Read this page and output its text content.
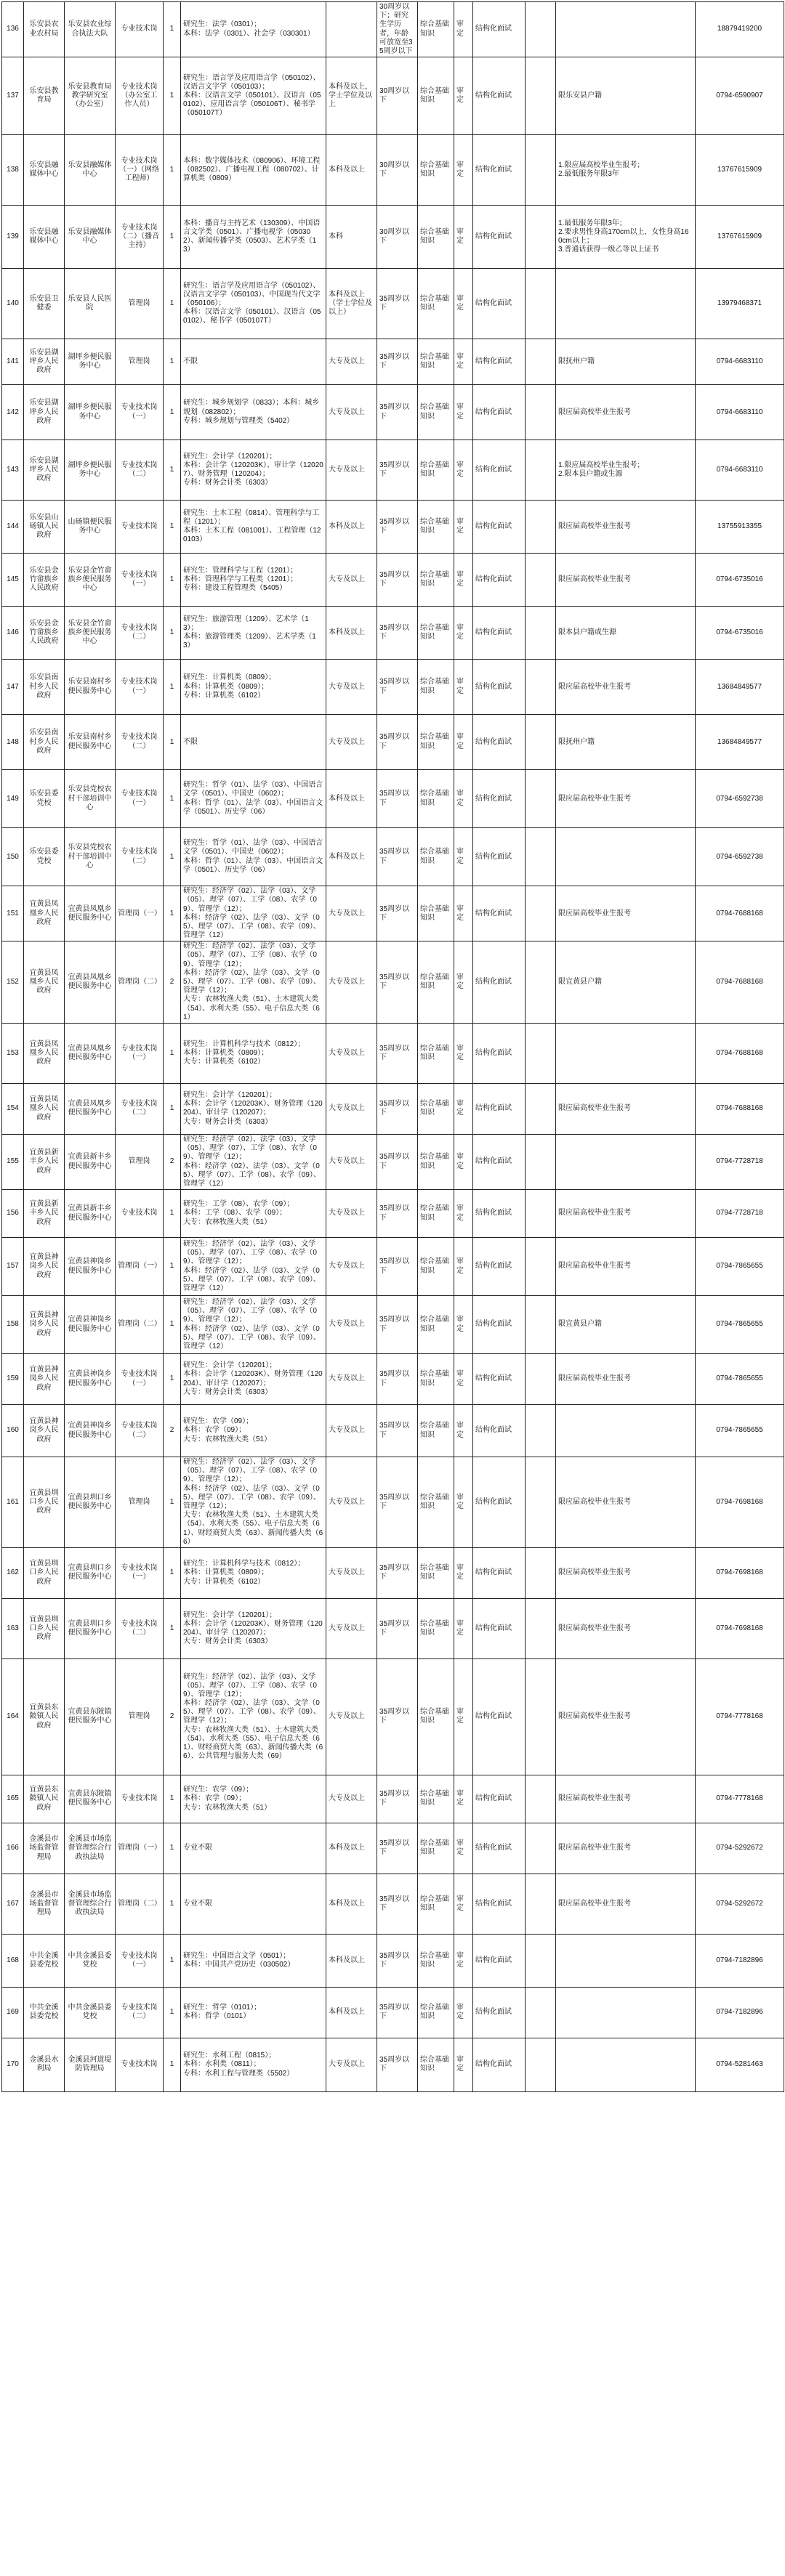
136	乐安县农业农村局	乐安县农业综合执法大队	专业技术岗	1	研究生：法学（0301）；
本科：法学（0301）、社会学（030301）		30周岁以下；研究生学历者，年龄可放宽至35周岁以下	综合基础知识	审定	结构化面试			18879419200
137	乐安县教育局	乐安县教育局教学研究室（办公室）	专业技术岗（办公室工作人员）	1	研究生：语言学及应用语言学（050102）、汉语言文字学（050103）；
本科：汉语言文学（050101）、汉语言（050102）、应用语言学（050106T）、秘书学（050107T）	本科及以上，学士学位及以上	30周岁以下	综合基础知识	审定	结构化面试		限乐安县户籍	0794-6590907
138	乐安县融媒体中心	乐安县融媒体中心	专业技术岗（一）（网络工程师）	1	本科：数字媒体技术（080906）、环境工程（082502）、广播电视工程（080702）、计算机类（0809）	本科及以上	30周岁以下	综合基础知识	审定	结构化面试		1.限应届高校毕业生报考；
2.最低服务年限3年	13767615909
139	乐安县融媒体中心	乐安县融媒体中心	专业技术岗（二）（播音主持）	1	本科：播音与主持艺术（130309）、中国语言文学类（0501）、广播电视学（050302）、新闻传播学类（0503）、艺术学类（13）	本科	30周岁以下	综合基础知识	审定	结构化面试		1.最低服务年限3年；
2.要求男性身高170cm以上，女性身高160cm以上；
3.普通话获得一级乙等以上证书	13767615909
140	乐安县卫健委	乐安县人民医院	管理岗	1	研究生：语言学及应用语言学（050102）、汉语言文字学（050103）、中国现当代文学（050106）；
本科：汉语言文学（050101）、汉语言（050102）、秘书学（050107T）	本科及以上（学士学位及以上）	35周岁以下	综合基础知识	审定	结构化面试			13979468371
141	乐安县湖坪乡人民政府	湖坪乡便民服务中心	管理岗	1	不限	大专及以上	35周岁以下	综合基础知识	审定	结构化面试		限抚州户籍	0794-6683110
142	乐安县湖坪乡人民政府	湖坪乡便民服务中心	专业技术岗（一）	1	研究生：城乡规划学（0833）；本科：城乡规划（082802）；
专科：城乡规划与管理类（5402）	大专及以上	35周岁以下	综合基础知识	审定	结构化面试		限应届高校毕业生报考	0794-6683110
143	乐安县湖坪乡人民政府	湖坪乡便民服务中心	专业技术岗（二）	1	研究生：会计学（120201）；
本科：会计学（120203K）、审计学（120207）、财务管理（120204）；
专科：财务会计类（6303）	大专及以上	35周岁以下	综合基础知识	审定	结构化面试		1.限应届高校毕业生报考；
2.限本县户籍或生源	0794-6683110
144	乐安县山砀镇人民政府	山砀镇便民服务中心	专业技术岗	1	研究生：土木工程（0814）、管理科学与工程（1201）；
本科：土木工程（081001）、工程管理（120103）	本科及以上	35周岁以下	综合基础知识	审定	结构化面试		限应届高校毕业生报考	13755913355
145	乐安县金竹畲族乡人民政府	乐安县金竹畲族乡便民服务中心	专业技术岗（一）	1	研究生：管理科学与工程（1201）；
本科：管理科学与工程类（1201）；
专科：建设工程管理类（5405）	大专及以上	35周岁以下	综合基础知识	审定	结构化面试		限应届高校毕业生报考	0794-6735016
146	乐安县金竹畲族乡人民政府	乐安县金竹畲族乡便民服务中心	专业技术岗（二）	1	研究生：旅游管理（1209）、艺术学（13）；
本科：旅游管理类（1209）、艺术学类（13）	本科及以上	35周岁以下	综合基础知识	审定	结构化面试		限本县户籍或生源	0794-6735016
147	乐安县南村乡人民政府	乐安县南村乡便民服务中心	专业技术岗（一）	1	研究生：计算机类（0809）；
本科：计算机类（0809）；
专科：计算机类（6102）	大专及以上	35周岁以下	综合基础知识	审定	结构化面试		限应届高校毕业生报考	13684849577
148	乐安县南村乡人民政府	乐安县南村乡便民服务中心	专业技术岗（二）	1	不限	大专及以上	35周岁以下	综合基础知识	审定	结构化面试		限抚州户籍	13684849577
149	乐安县委党校	乐安县党校农村干部培训中心	专业技术岗（一）	1	研究生：哲学（01）、法学（03）、中国语言文学（0501）、中国史（0602）；
本科：哲学（01）、法学（03）、中国语言文学（0501）、历史学（06）	本科及以上	35周岁以下	综合基础知识	审定	结构化面试		限应届高校毕业生报考	0794-6592738
150	乐安县委党校	乐安县党校农村干部培训中心	专业技术岗（二）	1	研究生：哲学（01）、法学（03）、中国语言文学（0501）、中国史（0602）；
本科：哲学（01）、法学（03）、中国语言文学（0501）、历史学（06）	本科及以上	35周岁以下	综合基础知识	审定	结构化面试			0794-6592738
151	宜黄县凤凰乡人民政府	宜黄县凤凰乡便民服务中心	管理岗（一）	1	研究生：经济学（02）、法学（03）、文学（05）、理学（07）、工学（08）、农学（09）、管理学（12）；
本科：经济学（02）、法学（03）、文学（05）、理学（07）、工学（08）、农学（09）、管理学（12）	大专及以上	35周岁以下	综合基础知识	审定	结构化面试		限应届高校毕业生报考	0794-7688168
152	宜黄县凤凰乡人民政府	宜黄县凤凰乡便民服务中心	管理岗（二）	2	研究生：经济学（02）、法学（03）、文学（05）、理学（07）、工学（08）、农学（09）、管理学（12）；
本科：经济学（02）、法学（03）、文学（05）、理学（07）、工学（08）、农学（09）、管理学（12）；
大专：农林牧渔大类（51）、土木建筑大类（54）、水利大类（55）、电子信息大类（61）	大专及以上	35周岁以下	综合基础知识	审定	结构化面试		限宜黄县户籍	0794-7688168
153	宜黄县凤凰乡人民政府	宜黄县凤凰乡便民服务中心	专业技术岗（一）	1	研究生：计算机科学与技术（0812）；
本科：计算机类（0809）；
大专：计算机类（6102）	大专及以上	35周岁以下	综合基础知识	审定	结构化面试			0794-7688168
154	宜黄县凤凰乡人民政府	宜黄县凤凰乡便民服务中心	专业技术岗（二）	1	研究生：会计学（120201）；
本科：会计学（120203K）、财务管理（120204）、审计学（120207）；
大专：财务会计类（6303）	大专及以上	35周岁以下	综合基础知识	审定	结构化面试		限应届高校毕业生报考	0794-7688168
155	宜黄县新丰乡人民政府	宜黄县新丰乡便民服务中心	管理岗	2	研究生：经济学（02）、法学（03）、文学（05）、理学（07）、工学（08）、农学（09）、管理学（12）；
本科：经济学（02）、法学（03）、文学（05）、理学（07）、工学（08）、农学（09）、管理学（12）	大专及以上	35周岁以下	综合基础知识	审定	结构化面试			0794-7728718
156	宜黄县新丰乡人民政府	宜黄县新丰乡便民服务中心	专业技术岗	1	研究生：工学（08）、农学（09）；
本科：工学（08）、农学（09）；
大专：农林牧渔大类（51）	大专及以上	35周岁以下	综合基础知识	审定	结构化面试		限应届高校毕业生报考	0794-7728718
157	宜黄县神岗乡人民政府	宜黄县神岗乡便民服务中心	管理岗（一）	1	研究生：经济学（02）、法学（03）、文学（05）、理学（07）、工学（08）、农学（09）、管理学（12）；
本科：经济学（02）、法学（03）、文学（05）、理学（07）、工学（08）、农学（09）、管理学（12）	大专及以上	35周岁以下	综合基础知识	审定	结构化面试		限应届高校毕业生报考	0794-7865655
158	宜黄县神岗乡人民政府	宜黄县神岗乡便民服务中心	管理岗（二）	1	研究生：经济学（02）、法学（03）、文学（05）、理学（07）、工学（08）、农学（09）、管理学（12）；
本科：经济学（02）、法学（03）、文学（05）、理学（07）、工学（08）、农学（09）、管理学（12）	大专及以上	35周岁以下	综合基础知识	审定	结构化面试		限宜黄县户籍	0794-7865655
159	宜黄县神岗乡人民政府	宜黄县神岗乡便民服务中心	专业技术岗（一）	1	研究生：会计学（120201）；
本科：会计学（120203K）、财务管理（120204）、审计学（120207）；
大专：财务会计类（6303）	大专及以上	35周岁以下	综合基础知识	审定	结构化面试		限应届高校毕业生报考	0794-7865655
160	宜黄县神岗乡人民政府	宜黄县神岗乡便民服务中心	专业技术岗（二）	2	研究生：农学（09）；
本科：农学（09）；
大专：农林牧渔大类（51）	大专及以上	35周岁以下	综合基础知识	审定	结构化面试			0794-7865655
161	宜黄县圳口乡人民政府	宜黄县圳口乡便民服务中心	管理岗	1	研究生：经济学（02）、法学（03）、文学（05）、理学（07）、工学（08）、农学（09）、管理学（12）；
本科：经济学（02）、法学（03）、文学（05）、理学（07）、工学（08）、农学（09）、管理学（12）；
大专：农林牧渔大类（51）、土木建筑大类（54）、水利大类（55）、电子信息大类（61）、财经商贸大类（63）、新闻传播大类（66）	大专及以上	35周岁以下	综合基础知识	审定	结构化面试		限应届高校毕业生报考	0794-7698168
162	宜黄县圳口乡人民政府	宜黄县圳口乡便民服务中心	专业技术岗（一）	1	研究生：计算机科学与技术（0812）；
本科：计算机类（0809）；
大专：计算机类（6102）	大专及以上	35周岁以下	综合基础知识	审定	结构化面试		限应届高校毕业生报考	0794-7698168
163	宜黄县圳口乡人民政府	宜黄县圳口乡便民服务中心	专业技术岗（二）	1	研究生：会计学（120201）；
本科：会计学（120203K）、财务管理（120204）、审计学（120207）；
大专：财务会计类（6303）	大专及以上	35周岁以下	综合基础知识	审定	结构化面试		限应届高校毕业生报考	0794-7698168
164	宜黄县东陂镇人民政府	宜黄县东陂镇便民服务中心	管理岗	2	研究生：经济学（02）、法学（03）、文学（05）、理学（07）、工学（08）、农学（09）、管理学（12）；
本科：经济学（02）、法学（03）、文学（05）、理学（07）、工学（08）、农学（09）、管理学（12）；
大专：农林牧渔大类（51）、土木建筑大类（54）、水利大类（55）、电子信息大类（61）、财经商贸大类（63）、新闻传播大类（66）、公共管理与服务大类（69）	大专及以上	35周岁以下	综合基础知识	审定	结构化面试		限应届高校毕业生报考	0794-7778168
165	宜黄县东陂镇人民政府	宜黄县东陂镇便民服务中心	专业技术岗	1	研究生：农学（09）；
本科：农学（09）；
大专：农林牧渔大类（51）	大专及以上	35周岁以下	综合基础知识	审定	结构化面试		限应届高校毕业生报考	0794-7778168
166	金溪县市场监督管理局	金溪县市场监督管理综合行政执法局	管理岗（一）	1	专业不限	本科及以上	35周岁以下	综合基础知识	审定	结构化面试		限应届高校毕业生报考	0794-5292672
167	金溪县市场监督管理局	金溪县市场监督管理综合行政执法局	管理岗（二）	1	专业不限	本科及以上	35周岁以下	综合基础知识	审定	结构化面试		限应届高校毕业生报考	0794-5292672
168	中共金溪县委党校	中共金溪县委党校	专业技术岗（一）	1	研究生：中国语言文学（0501）；
本科：中国共产党历史（030502）	本科及以上	35周岁以下	综合基础知识	审定	结构化面试			0794-7182896
169	中共金溪县委党校	中共金溪县委党校	专业技术岗（二）	1	研究生：哲学（0101）；
本科：哲学（0101）	本科及以上	35周岁以下	综合基础知识	审定	结构化面试			0794-7182896
170	金溪县水利局	金溪县河道堤防管理局	专业技术岗	1	研究生：水利工程（0815）；
本科：水利类（0811）；
专科：水利工程与管理类（5502）	大专及以上	35周岁以下	综合基础知识	审定	结构化面试			0794-5281463
